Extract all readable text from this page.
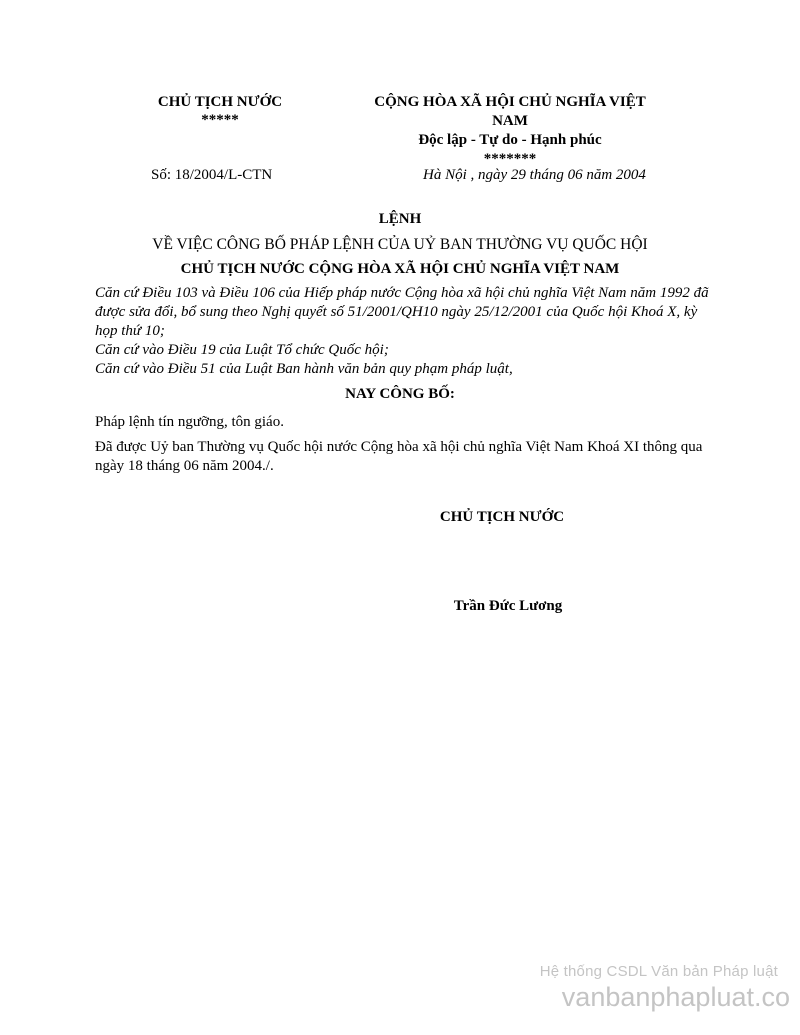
CHỦ TỊCH NƯỚC
*****
CỘNG HÒA XÃ HỘI CHỦ NGHĨA VIỆT
NAM
Độc lập - Tự do - Hạnh phúc
*******
Số: 18/2004/L-CTN	Hà Nội , ngày 29 tháng 06 năm 2004
LỆNH
VỀ VIỆC CÔNG BỐ PHÁP LỆNH CỦA UỶ BAN THƯỜNG VỤ QUỐC HỘI
CHỦ TỊCH NƯỚC CỘNG HÒA XÃ HỘI CHỦ NGHĨA VIỆT NAM
Căn cứ Điều 103 và Điều 106 của Hiếp pháp nước Cộng hòa xã hội chủ nghĩa Việt Nam năm 1992 đã được sửa đổi, bổ sung theo Nghị quyết số 51/2001/QH10 ngày 25/12/2001 của Quốc hội Khoá X, kỳ họp thứ 10;
Căn cứ vào Điều 19 của Luật Tổ chức Quốc hội;
Căn cứ vào Điều 51 của Luật Ban hành văn bản quy phạm pháp luật,
NAY CÔNG BỐ:

Pháp lệnh tín ngưỡng, tôn giáo.

Đã được Uỷ ban Thường vụ Quốc hội nước Cộng hòa xã hội chủ nghĩa Việt Nam Khoá XI thông qua ngày 18 tháng 06 năm 2004./.

CHỦ TỊCH NƯỚC
Trần Đức Lương
Hệ thống CSDL Văn bản Pháp luật
vanbanphapluat.co
